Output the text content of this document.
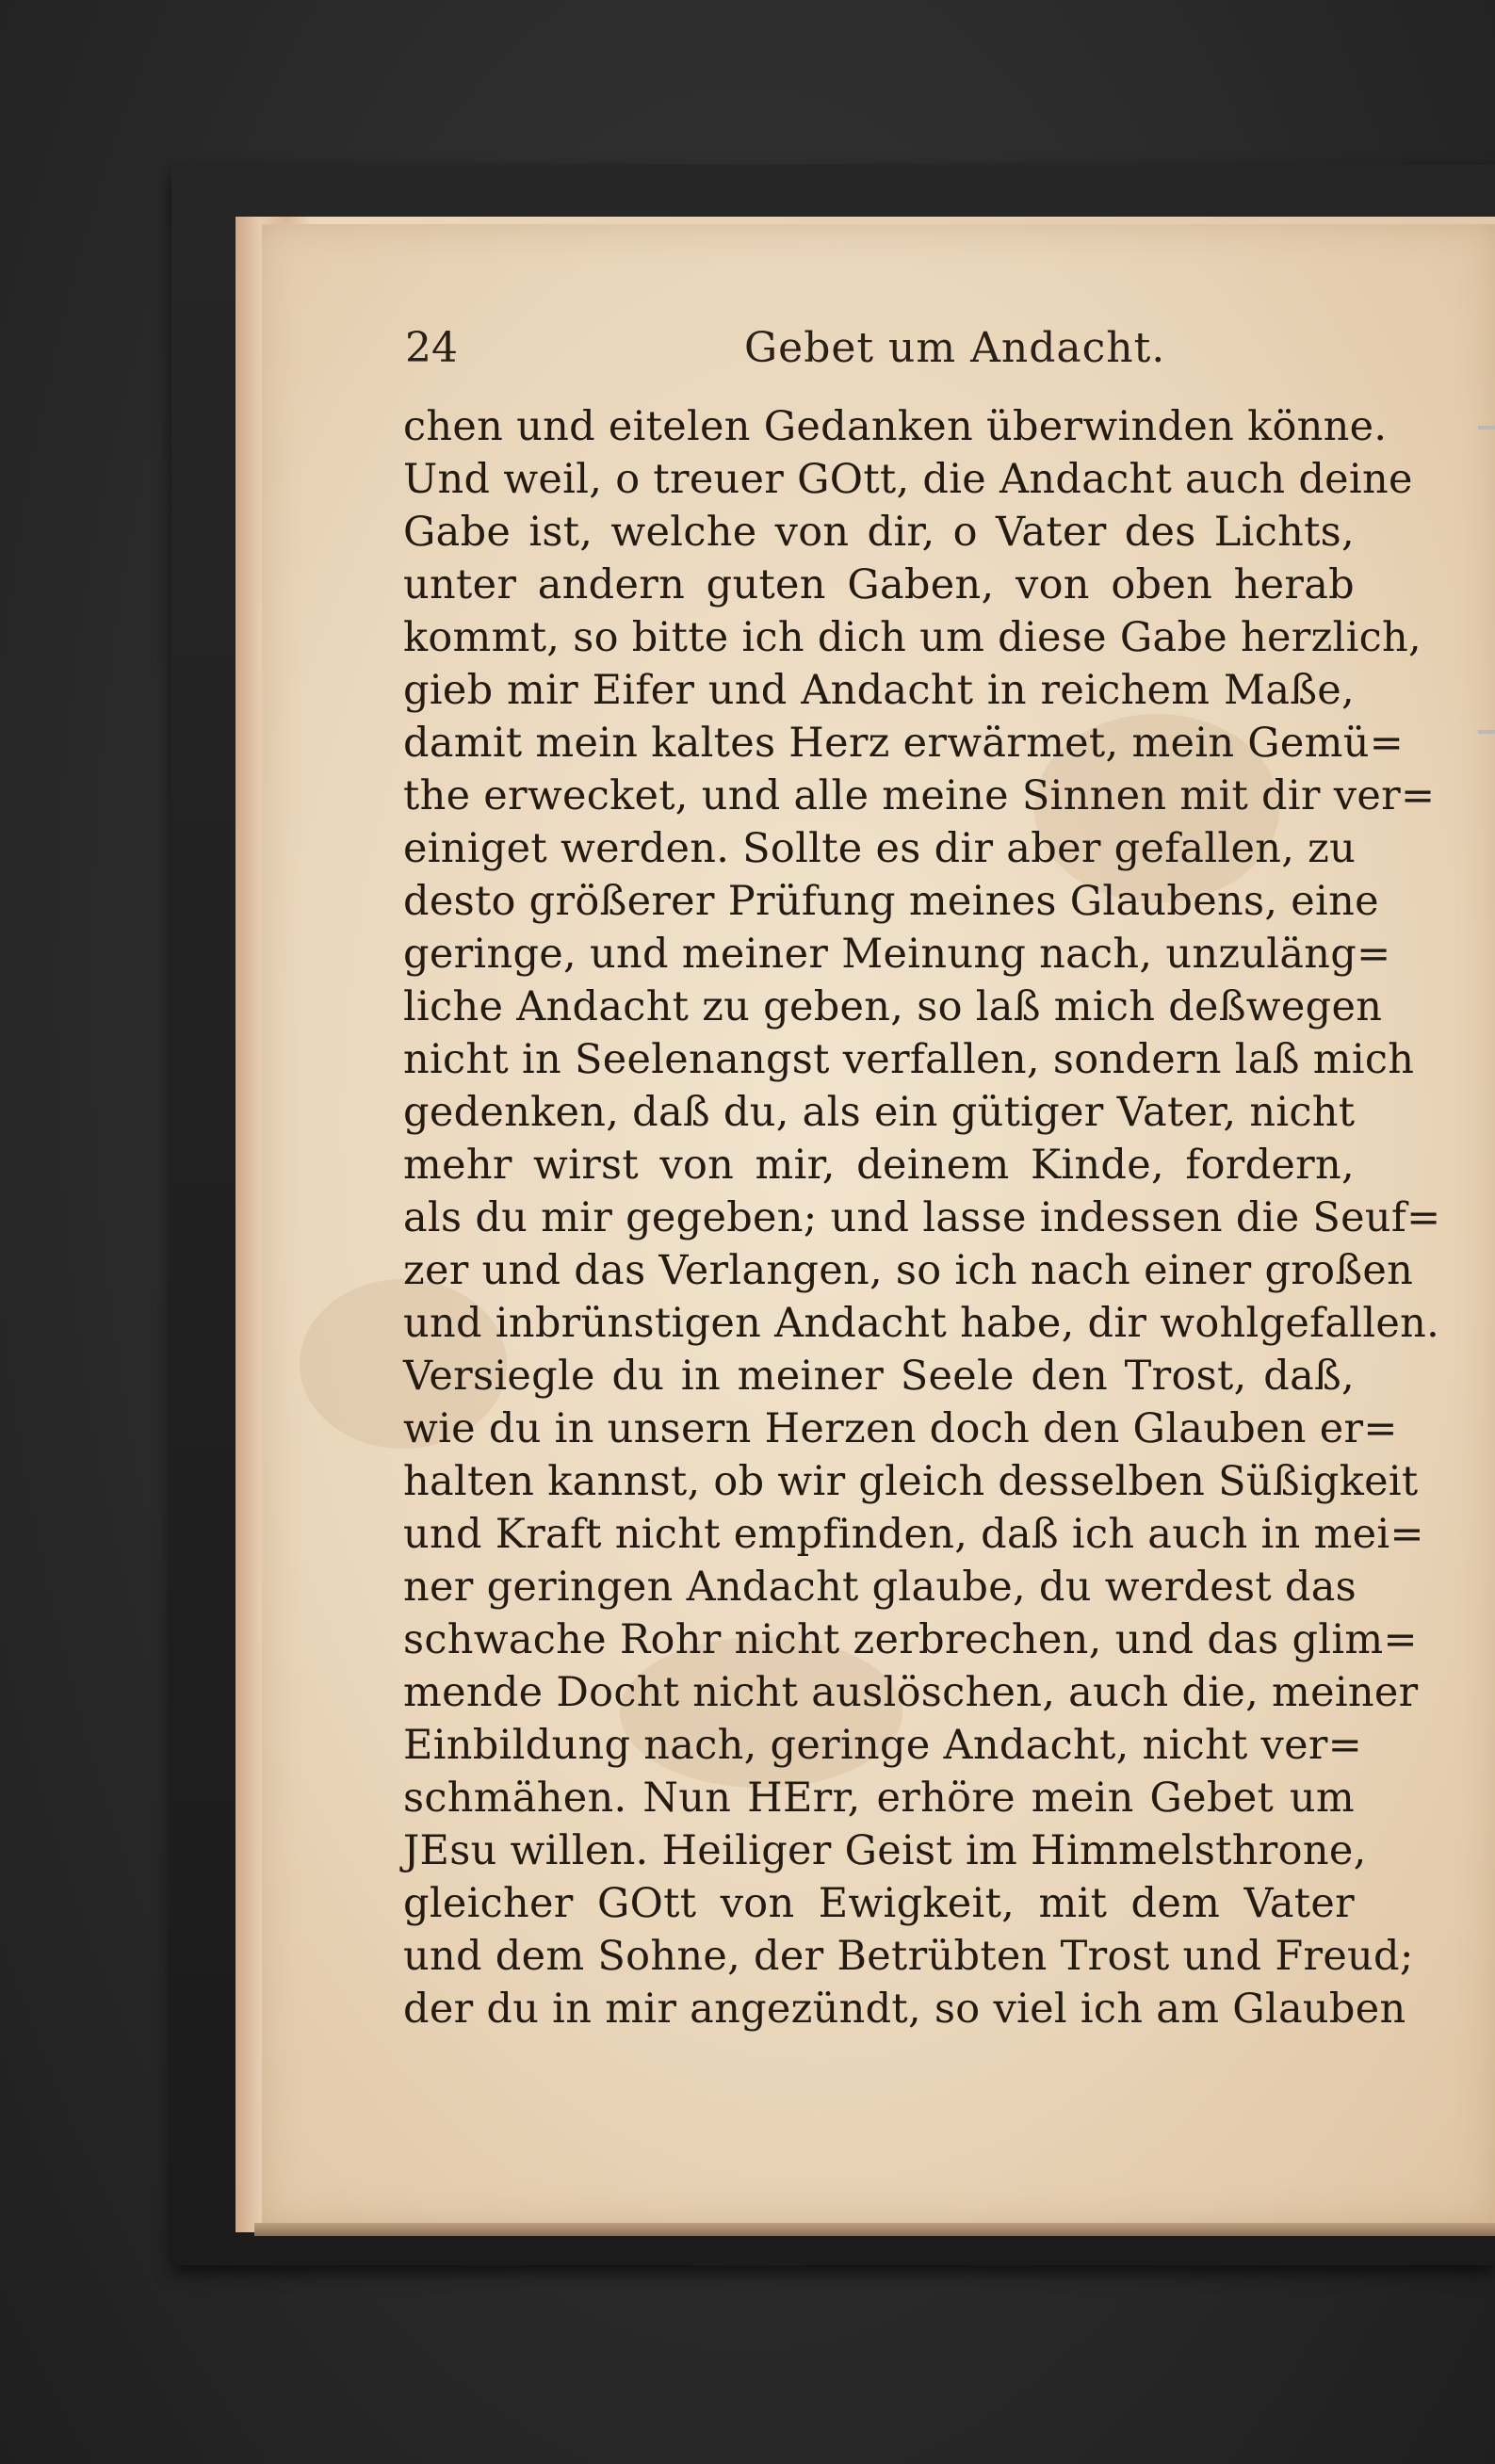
24	Gebet um Andacht.
chen und eitelen Gedanken überwinden könne.
Und weil, o treuer GOtt, die Andacht auch deine
Gabe ist, welche von dir, o Vater des Lichts,
unter andern guten Gaben, von oben herab
kommt, so bitte ich dich um diese Gabe herzlich,
gieb mir Eifer und Andacht in reichem Maße,
damit mein kaltes Herz erwärmet, mein Gemü=
the erwecket, und alle meine Sinnen mit dir ver=
einiget werden. Sollte es dir aber gefallen, zu
desto größerer Prüfung meines Glaubens, eine
geringe, und meiner Meinung nach, unzuläng=
liche Andacht zu geben, so laß mich deßwegen
nicht in Seelenangst verfallen, sondern laß mich
gedenken, daß du, als ein gütiger Vater, nicht
mehr wirst von mir, deinem Kinde, fordern,
als du mir gegeben; und lasse indessen die Seuf=
zer und das Verlangen, so ich nach einer großen
und inbrünstigen Andacht habe, dir wohlgefallen.
Versiegle du in meiner Seele den Trost, daß,
wie du in unsern Herzen doch den Glauben er=
halten kannst, ob wir gleich desselben Süßigkeit
und Kraft nicht empfinden, daß ich auch in mei=
ner geringen Andacht glaube, du werdest das
schwache Rohr nicht zerbrechen, und das glim=
mende Docht nicht auslöschen, auch die, meiner
Einbildung nach, geringe Andacht, nicht ver=
schmähen. Nun HErr, erhöre mein Gebet um
JEsu willen. Heiliger Geist im Himmelsthrone,
gleicher GOtt von Ewigkeit, mit dem Vater
und dem Sohne, der Betrübten Trost und Freud;
der du in mir angezündt, so viel ich am Glauben
